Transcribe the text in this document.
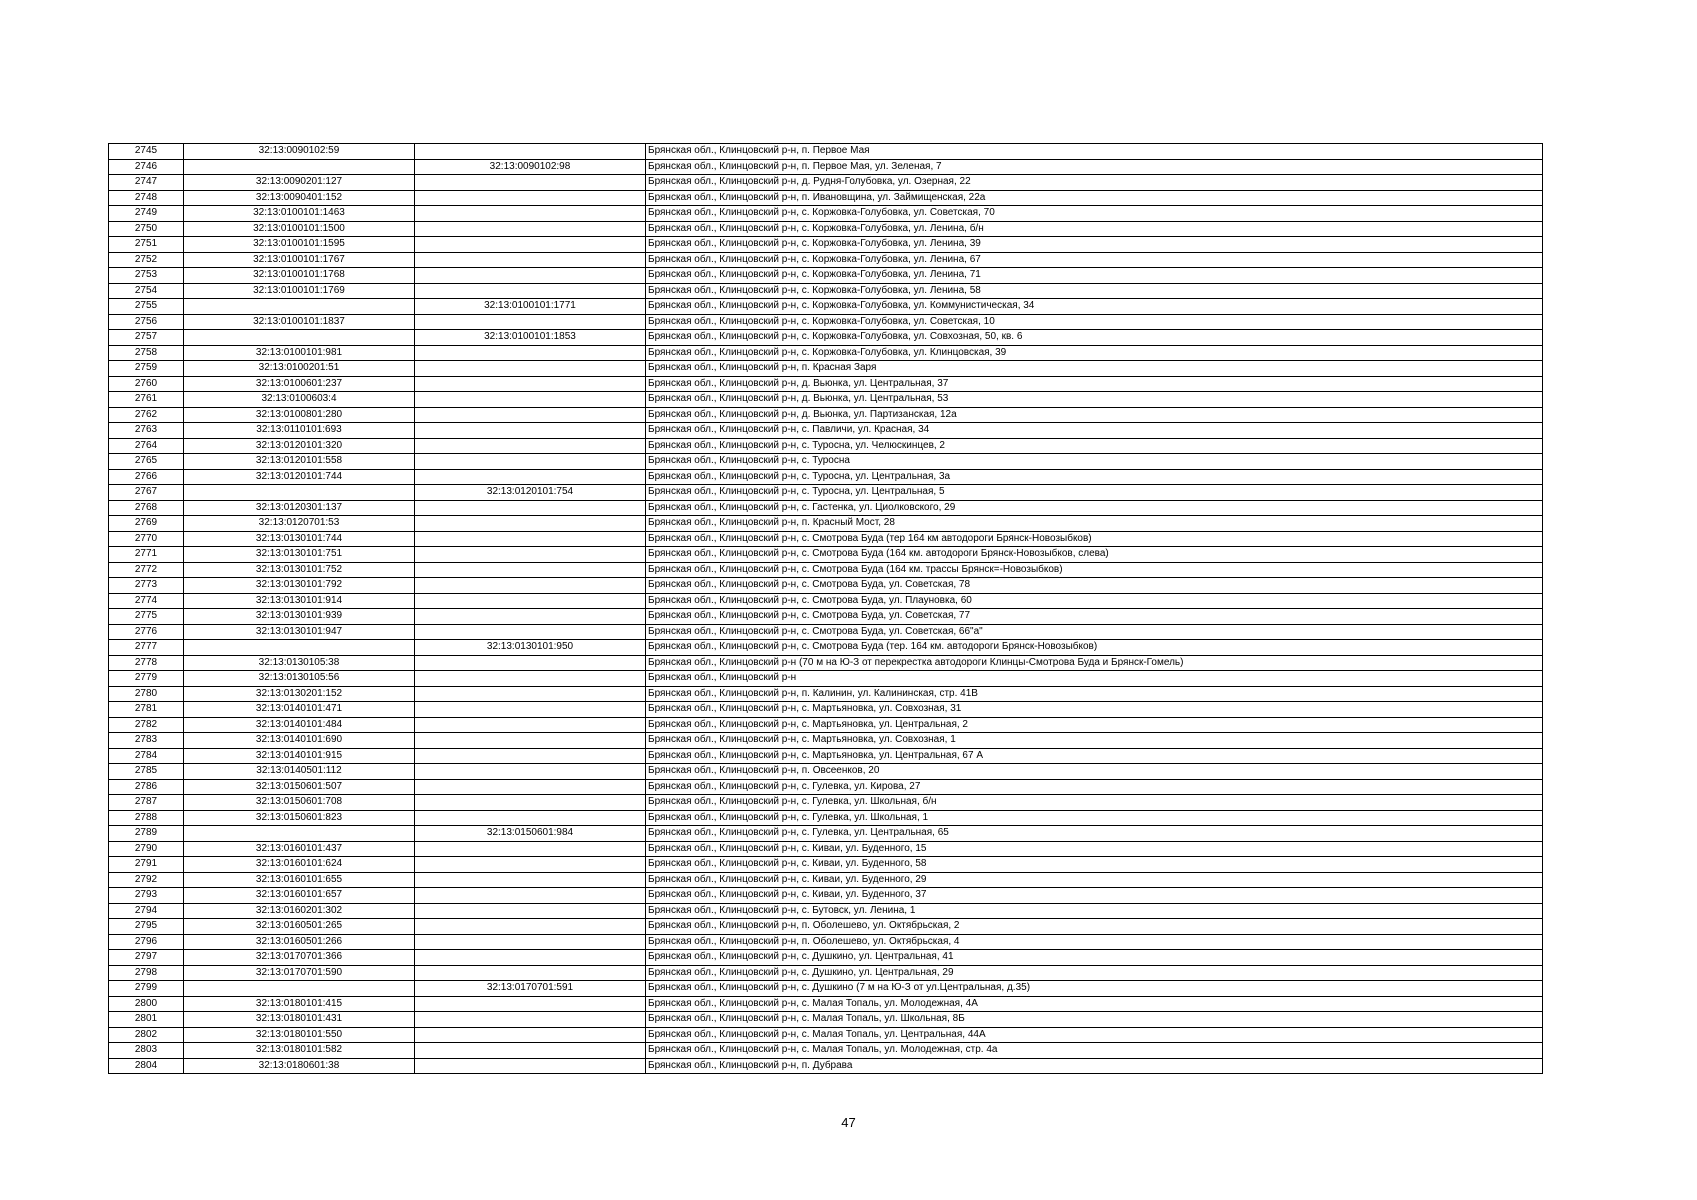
2745	32:13:0090102:59		Брянская обл., Клинцовский р-н, п. Первое Мая
2746		32:13:0090102:98	Брянская обл., Клинцовский р-н, п. Первое Мая, ул. Зеленая, 7
2747	32:13:0090201:127		Брянская обл., Клинцовский р-н, д. Рудня-Голубовка, ул. Озерная, 22
2748	32:13:0090401:152		Брянская обл., Клинцовский р-н, п. Ивановщина, ул. Займищенская, 22а
2749	32:13:0100101:1463		Брянская обл., Клинцовский р-н, с. Коржовка-Голубовка, ул. Советская, 70
2750	32:13:0100101:1500		Брянская обл., Клинцовский р-н, с. Коржовка-Голубовка, ул. Ленина, б/н
2751	32:13:0100101:1595		Брянская обл., Клинцовский р-н, с. Коржовка-Голубовка, ул. Ленина, 39
2752	32:13:0100101:1767		Брянская обл., Клинцовский р-н, с. Коржовка-Голубовка, ул. Ленина, 67
2753	32:13:0100101:1768		Брянская обл., Клинцовский р-н, с. Коржовка-Голубовка, ул. Ленина, 71
2754	32:13:0100101:1769		Брянская обл., Клинцовский р-н, с. Коржовка-Голубовка, ул. Ленина, 58
2755		32:13:0100101:1771	Брянская обл., Клинцовский р-н, с. Коржовка-Голубовка, ул. Коммунистическая, 34
2756	32:13:0100101:1837		Брянская обл., Клинцовский р-н, с. Коржовка-Голубовка, ул. Советская, 10
2757		32:13:0100101:1853	Брянская обл., Клинцовский р-н, с. Коржовка-Голубовка, ул. Совхозная, 50, кв. 6
2758	32:13:0100101:981		Брянская обл., Клинцовский р-н, с. Коржовка-Голубовка, ул. Клинцовская, 39
2759	32:13:0100201:51		Брянская обл., Клинцовский р-н, п. Красная Заря
2760	32:13:0100601:237		Брянская обл., Клинцовский р-н, д. Вьюнка, ул. Центральная, 37
2761	32:13:0100603:4		Брянская обл., Клинцовский р-н, д. Вьюнка, ул. Центральная, 53
2762	32:13:0100801:280		Брянская обл., Клинцовский р-н, д. Вьюнка, ул. Партизанская, 12а
2763	32:13:0110101:693		Брянская обл., Клинцовский р-н, с. Павличи, ул. Красная, 34
2764	32:13:0120101:320		Брянская обл., Клинцовский р-н, с. Туросна, ул. Челюскинцев, 2
2765	32:13:0120101:558		Брянская обл., Клинцовский р-н, с. Туросна
2766	32:13:0120101:744		Брянская обл., Клинцовский р-н, с. Туросна, ул. Центральная, 3а
2767		32:13:0120101:754	Брянская обл., Клинцовский р-н, с. Туросна, ул. Центральная, 5
2768	32:13:0120301:137		Брянская обл., Клинцовский р-н, с. Гастенка, ул. Циолковского, 29
2769	32:13:0120701:53		Брянская обл., Клинцовский р-н, п. Красный Мост, 28
2770	32:13:0130101:744		Брянская обл., Клинцовский р-н, с. Смотрова Буда (тер 164 км автодороги Брянск-Новозыбков)
2771	32:13:0130101:751		Брянская обл., Клинцовский р-н, с. Смотрова Буда (164 км. автодороги Брянск-Новозыбков, слева)
2772	32:13:0130101:752		Брянская обл., Клинцовский р-н, с. Смотрова Буда (164 км. трассы Брянск=-Новозыбков)
2773	32:13:0130101:792		Брянская обл., Клинцовский р-н, с. Смотрова Буда, ул. Советская, 78
2774	32:13:0130101:914		Брянская обл., Клинцовский р-н, с. Смотрова Буда, ул. Плауновка, 60
2775	32:13:0130101:939		Брянская обл., Клинцовский р-н, с. Смотрова Буда, ул. Советская, 77
2776	32:13:0130101:947		Брянская обл., Клинцовский р-н, с. Смотрова Буда, ул. Советская, 66"а"
2777		32:13:0130101:950	Брянская обл., Клинцовский р-н, с. Смотрова Буда (тер. 164 км. автодороги Брянск-Новозыбков)
2778	32:13:0130105:38		Брянская обл., Клинцовский р-н (70 м на Ю-З от перекрестка автодороги Клинцы-Смотрова Буда и Брянск-Гомель)
2779	32:13:0130105:56		Брянская обл., Клинцовский р-н
2780	32:13:0130201:152		Брянская обл., Клинцовский р-н, п. Калинин, ул. Калининская, стр. 41В
2781	32:13:0140101:471		Брянская обл., Клинцовский р-н, с. Мартьяновка, ул. Совхозная, 31
2782	32:13:0140101:484		Брянская обл., Клинцовский р-н, с. Мартьяновка, ул. Центральная, 2
2783	32:13:0140101:690		Брянская обл., Клинцовский р-н, с. Мартьяновка, ул. Совхозная, 1
2784	32:13:0140101:915		Брянская обл., Клинцовский р-н, с. Мартьяновка, ул. Центральная, 67 А
2785	32:13:0140501:112		Брянская обл., Клинцовский р-н, п. Овсеенков, 20
2786	32:13:0150601:507		Брянская обл., Клинцовский р-н, с. Гулевка, ул. Кирова, 27
2787	32:13:0150601:708		Брянская обл., Клинцовский р-н, с. Гулевка, ул. Школьная, б/н
2788	32:13:0150601:823		Брянская обл., Клинцовский р-н, с. Гулевка, ул. Школьная, 1
2789		32:13:0150601:984	Брянская обл., Клинцовский р-н, с. Гулевка, ул. Центральная, 65
2790	32:13:0160101:437		Брянская обл., Клинцовский р-н, с. Киваи, ул. Буденного, 15
2791	32:13:0160101:624		Брянская обл., Клинцовский р-н, с. Киваи, ул. Буденного, 58
2792	32:13:0160101:655		Брянская обл., Клинцовский р-н, с. Киваи, ул. Буденного, 29
2793	32:13:0160101:657		Брянская обл., Клинцовский р-н, с. Киваи, ул. Буденного, 37
2794	32:13:0160201:302		Брянская обл., Клинцовский р-н, с. Бутовск, ул. Ленина, 1
2795	32:13:0160501:265		Брянская обл., Клинцовский р-н, п. Оболешево, ул. Октябрьская, 2
2796	32:13:0160501:266		Брянская обл., Клинцовский р-н, п. Оболешево, ул. Октябрьская, 4
2797	32:13:0170701:366		Брянская обл., Клинцовский р-н, с. Душкино, ул. Центральная, 41
2798	32:13:0170701:590		Брянская обл., Клинцовский р-н, с. Душкино, ул. Центральная, 29
2799		32:13:0170701:591	Брянская обл., Клинцовский р-н, с. Душкино (7 м на Ю-З от ул.Центральная, д.35)
2800	32:13:0180101:415		Брянская обл., Клинцовский р-н, с. Малая Топаль, ул. Молодежная, 4А
2801	32:13:0180101:431		Брянская обл., Клинцовский р-н, с. Малая Топаль, ул. Школьная, 8Б
2802	32:13:0180101:550		Брянская обл., Клинцовский р-н, с. Малая Топаль, ул. Центральная, 44А
2803	32:13:0180101:582		Брянская обл., Клинцовский р-н, с. Малая Топаль, ул. Молодежная, стр. 4а
2804	32:13:0180601:38		Брянская обл., Клинцовский р-н, п. Дубрава
47
